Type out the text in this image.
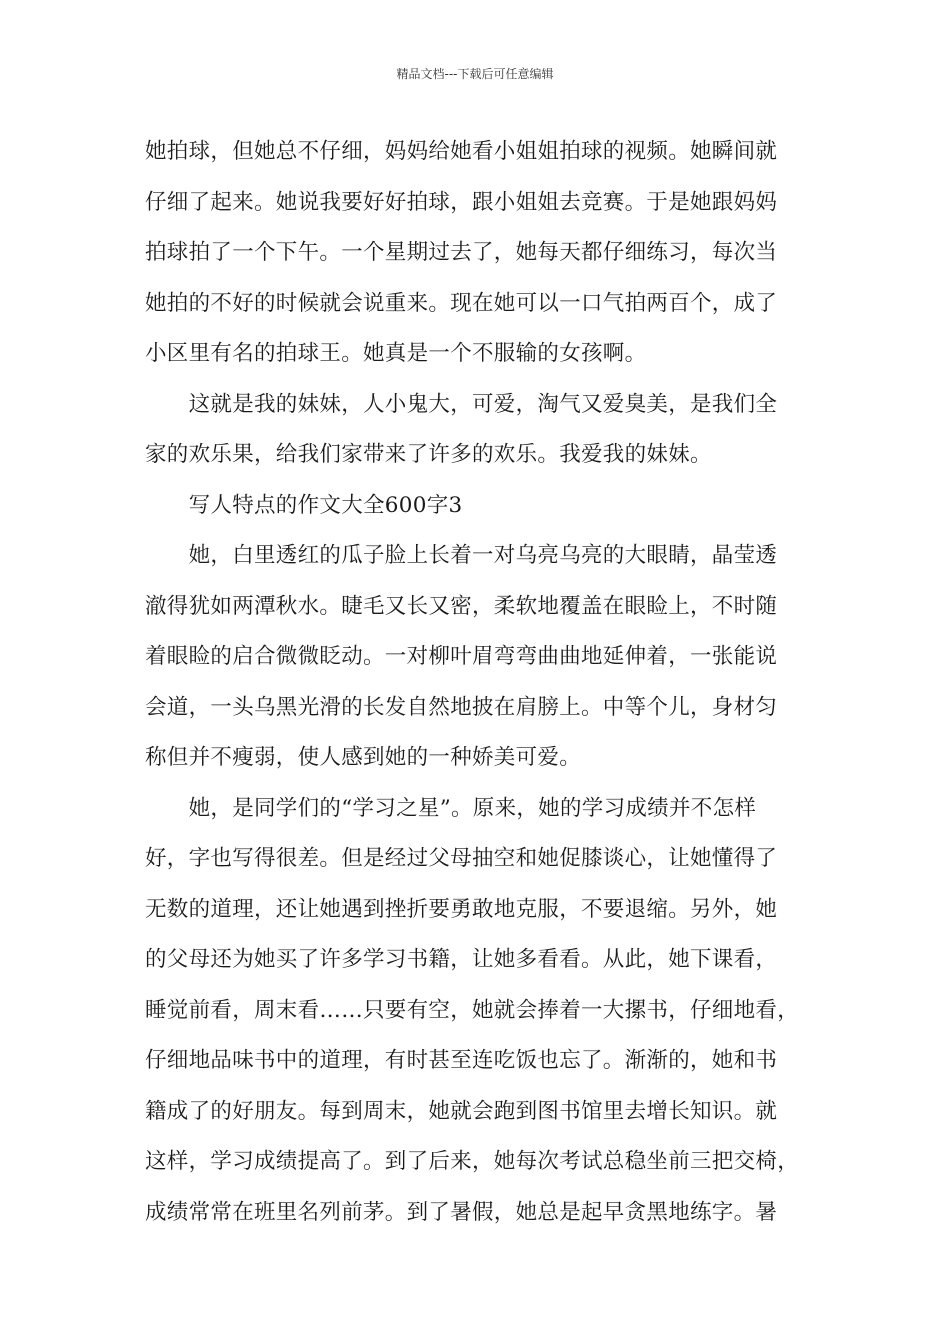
精品文档---下载后可任意编辑
她拍球，但她总不仔细，妈妈给她看小姐姐拍球的视频。她瞬间就
仔细了起来。她说我要好好拍球，跟小姐姐去竞赛。于是她跟妈妈
拍球拍了一个下午。一个星期过去了，她每天都仔细练习，每次当
她拍的不好的时候就会说重来。现在她可以一口气拍两百个，成了
小区里有名的拍球王。她真是一个不服输的女孩啊。
　　这就是我的妹妹，人小鬼大，可爱，淘气又爱臭美，是我们全
家的欢乐果，给我们家带来了许多的欢乐。我爱我的妹妹。
　　写人特点的作文大全600字3
　　她，白里透红的瓜子脸上长着一对乌亮乌亮的大眼睛，晶莹透
澈得犹如两潭秋水。睫毛又长又密，柔软地覆盖在眼睑上，不时随
着眼睑的启合微微眨动。一对柳叶眉弯弯曲曲地延伸着，一张能说
会道，一头乌黑光滑的长发自然地披在肩膀上。中等个儿，身材匀
称但并不瘦弱，使人感到她的一种娇美可爱。
　　她，是同学们的“学习之星”。原来，她的学习成绩并不怎样
好，字也写得很差。但是经过父母抽空和她促膝谈心，让她懂得了
无数的道理，还让她遇到挫折要勇敢地克服，不要退缩。另外，她
的父母还为她买了许多学习书籍，让她多看看。从此，她下课看，
睡觉前看，周末看……只要有空，她就会捧着一大摞书，仔细地看，
仔细地品味书中的道理，有时甚至连吃饭也忘了。渐渐的，她和书
籍成了的好朋友。每到周末，她就会跑到图书馆里去增长知识。就
这样，学习成绩提高了。到了后来，她每次考试总稳坐前三把交椅，
成绩常常在班里名列前茅。到了暑假，她总是起早贪黑地练字。暑
